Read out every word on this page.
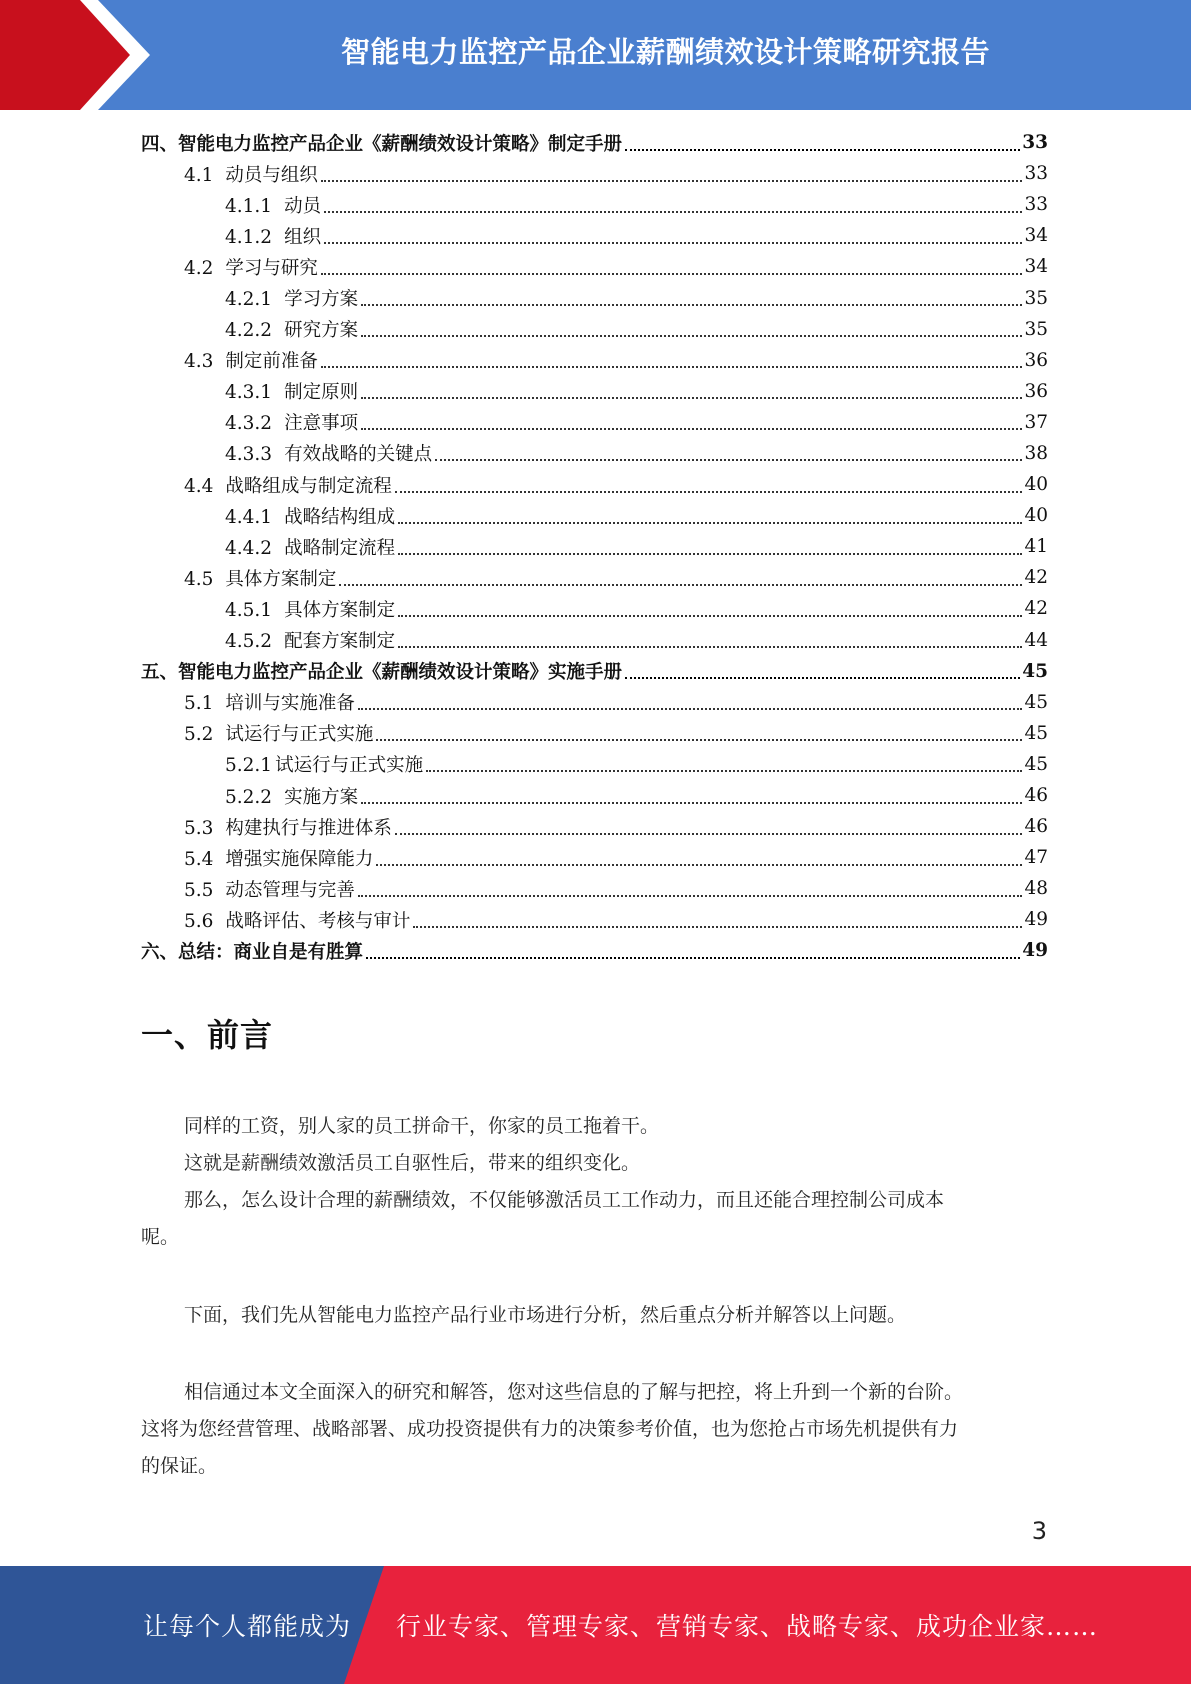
智能电力监控产品企业薪酬绩效设计策略研究报告
四、智能电力监控产品企业《薪酬绩效设计策略》制定手册	33
4.1 动员与组织	33
4.1.1 动员	33
4.1.2 组织	34
4.2 学习与研究	34
4.2.1 学习方案	35
4.2.2 研究方案	35
4.3 制定前准备	36
4.3.1 制定原则	36
4.3.2 注意事项	37
4.3.3 有效战略的关键点	38
4.4 战略组成与制定流程	40
4.4.1 战略结构组成	40
4.4.2 战略制定流程	41
4.5 具体方案制定	42
4.5.1 具体方案制定	42
4.5.2 配套方案制定	44
五、智能电力监控产品企业《薪酬绩效设计策略》实施手册	45
5.1 培训与实施准备	45
5.2 试运行与正式实施	45
5.2.1 试运行与正式实施	45
5.2.2 实施方案	46
5.3 构建执行与推进体系	46
5.4 增强实施保障能力	47
5.5 动态管理与完善	48
5.6 战略评估、考核与审计	49
六、总结：商业自是有胜算	49
一、前言
同样的工资，别人家的员工拼命干，你家的员工拖着干。
这就是薪酬绩效激活员工自驱性后，带来的组织变化。
那么，怎么设计合理的薪酬绩效，不仅能够激活员工工作动力，而且还能合理控制公司成本
呢。
下面，我们先从智能电力监控产品行业市场进行分析，然后重点分析并解答以上问题。
相信通过本文全面深入的研究和解答，您对这些信息的了解与把控，将上升到一个新的台阶。
这将为您经营管理、战略部署、成功投资提供有力的决策参考价值，也为您抢占市场先机提供有力
的保证。
3
让每个人都能成为 行业专家、管理专家、营销专家、战略专家、成功企业家……
